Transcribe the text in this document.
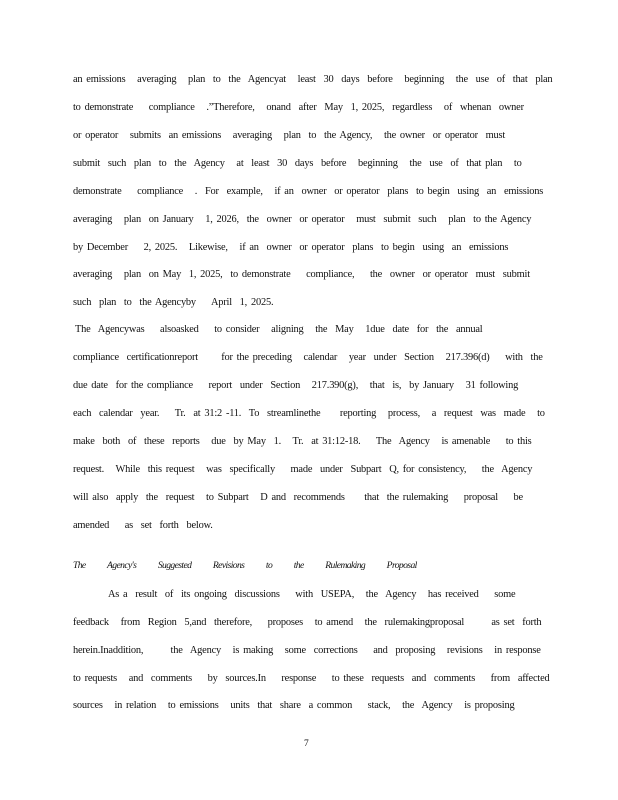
an emissions   averaging   plan  to  the  Agencyat   least  30  days  before   beginning   the  use  of  that  plan
to demonstrate    compliance   .”Therefore,   onand  after  May  1, 2025,  regardless   of  whenan  owner
or operator   submits  an emissions   averaging   plan  to  the Agency,   the owner  or operator  must
submit  such  plan  to  the  Agency   at  least  30  days  before   beginning   the  use  of  that plan   to
demonstrate    compliance   .  For  example,   if an  owner  or operator  plans  to begin  using  an  emissions
averaging   plan  on January   1, 2026,  the  owner  or operator   must  submit  such   plan  to the Agency
by December    2, 2025.   Likewise,   if an  owner  or operator  plans  to begin  using  an  emissions
averaging   plan  on May  1, 2025,  to demonstrate    compliance,    the  owner  or operator  must  submit
such  plan  to  the Agencyby    April  1, 2025.
The  Agencywas    alsoasked    to consider   aligning   the  May   1due  date  for  the  annual
compliance  certificationreport      for the preceding   calendar   year  under  Section   217.396(d)    with  the
due date  for the compliance    report  under  Section   217.390(g),   that  is,  by January   31 following
each  calendar  year.    Tr.  at 31:2 -11.  To  streamlinethe     reporting   process,   a  request  was  made   to
make  both  of  these  reports   due  by May  1.   Tr.  at 31:12-18.    The  Agency   is amenable    to this
request.   While  this request   was  specifically    made  under  Subpart  Q, for consistency,    the  Agency
will also  apply  the  request   to Subpart   D and  recommends     that  the rulemaking    proposal    be
amended    as  set  forth  below.
The  Agency's  Suggested  Revisions  to  the  Rulemaking  Proposal
As a  result  of  its ongoing  discussions    with  USEPA,   the  Agency   has received    some
feedback   from  Region  5,and  therefore,    proposes   to amend   the  rulemakingproposal       as set  forth
herein.Inaddition,       the  Agency   is making   some  corrections    and  proposing   revisions   in response
to requests   and  comments    by  sources.In    response    to these  requests  and  comments    from  affected
sources   in relation   to emissions   units  that  share  a common    stack,   the  Agency   is proposing
7
